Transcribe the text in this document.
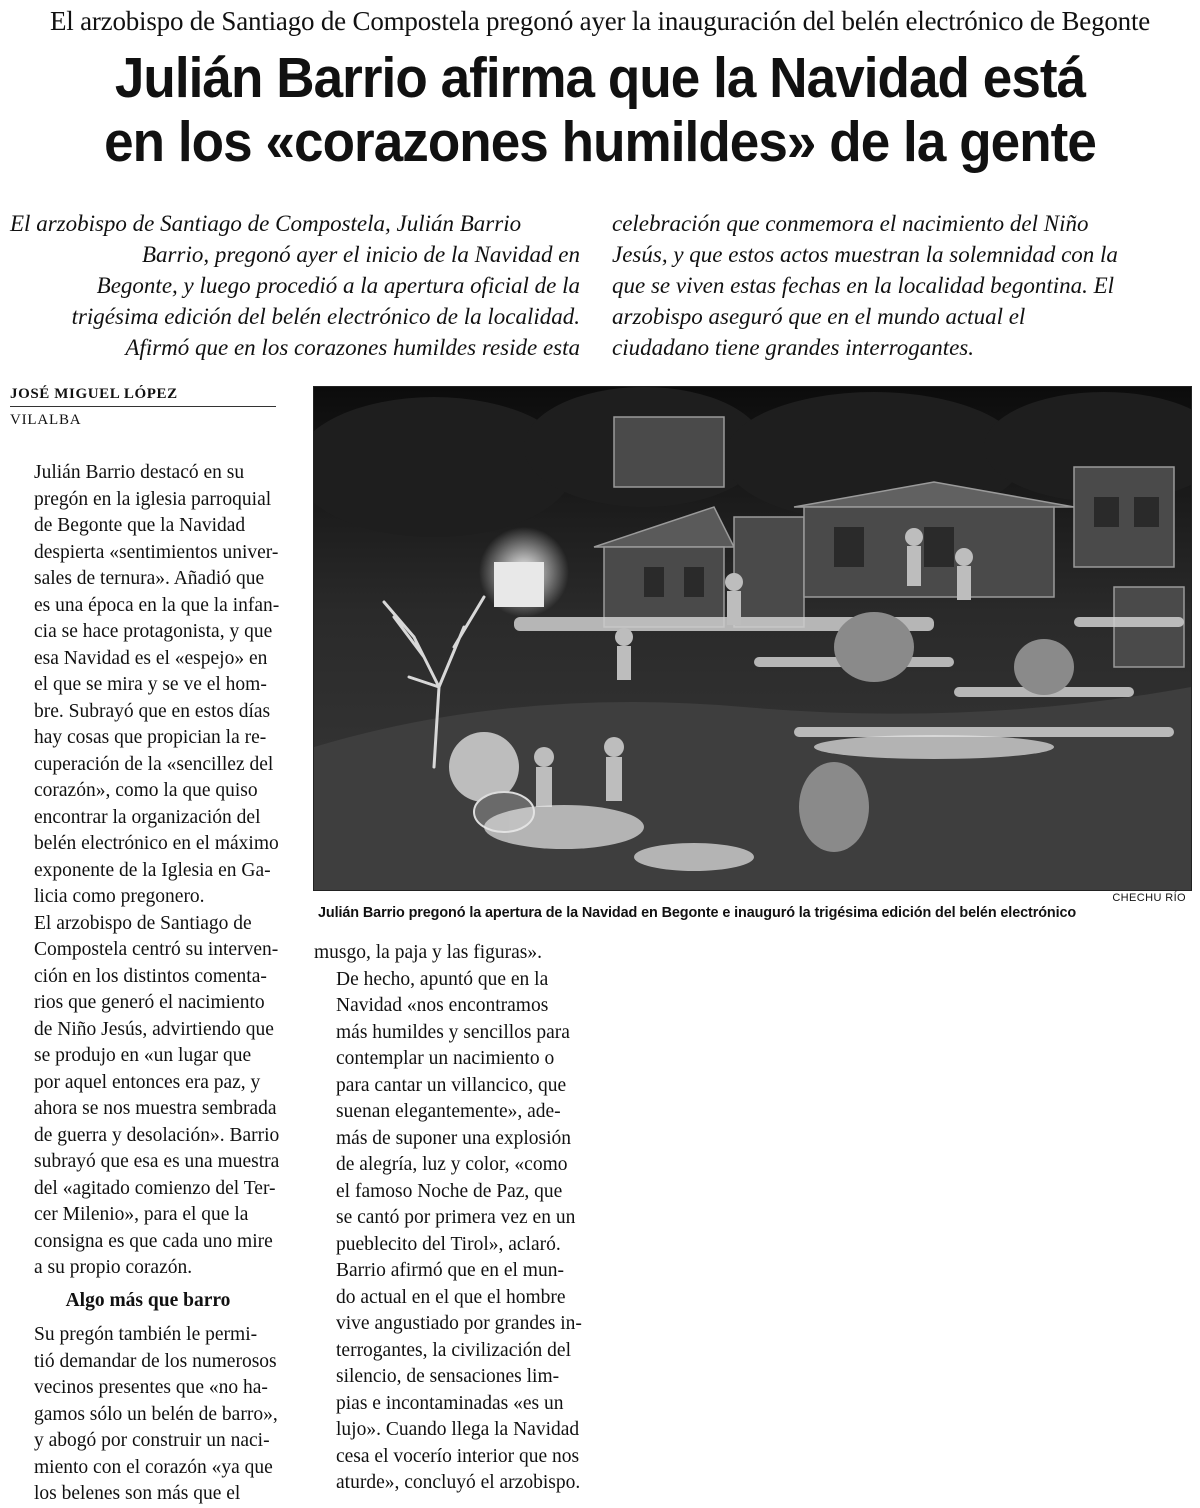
El arzobispo de Santiago de Compostela pregonó ayer la inauguración del belén electrónico de Begonte
Julián Barrio afirma que la Navidad está
en los «corazones humildes» de la gente
El arzobispo de Santiago de Compostela, Julián Barrio
Barrio, pregonó ayer el inicio de la Navidad en
Begonte, y luego procedió a la apertura oficial de la
trigésima edición del belén electrónico de la localidad.
Afirmó que en los corazones humildes reside esta
celebración que conmemora el nacimiento del Niño
Jesús, y que estos actos muestran la solemnidad con la
que se viven estas fechas en la localidad begontina. El
arzobispo aseguró que en el mundo actual el
ciudadano tiene grandes interrogantes.
JOSÉ MIGUEL LÓPEZ
VILALBA

Julián Barrio destacó en su
pregón en la iglesia parroquial
de Begonte que la Navidad
despierta «sentimientos univer-
sales de ternura». Añadió que
es una época en la que la infan-
cia se hace protagonista, y que
esa Navidad es el «espejo» en
el que se mira y se ve el hom-
bre. Subrayó que en estos días
hay cosas que propician la re-
cuperación de la «sencillez del
corazón», como la que quiso
encontrar la organización del
belén electrónico en el máximo
exponente de la Iglesia en Ga-
licia como pregonero.

El arzobispo de Santiago de
Compostela centró su interven-
ción en los distintos comenta-
rios que generó el nacimiento
de Niño Jesús, advirtiendo que
se produjo en «un lugar que
por aquel entonces era paz, y
ahora se nos muestra sembrada
de guerra y desolación». Barrio
subrayó que esa es una muestra
del «agitado comienzo del Ter-
cer Milenio», para el que la
consigna es que cada uno mire
a su propio corazón.

Algo más que barro

Su pregón también le permi-
tió demandar de los numerosos
vecinos presentes que «no ha-
gamos sólo un belén de barro»,
y abogó por construir un naci-
miento con el corazón «ya que
los belenes son más que el

musgo, la paja y las figuras».

De hecho, apuntó que en la
Navidad «nos encontramos
más humildes y sencillos para
contemplar un nacimiento o
para cantar un villancico, que
suenan elegantemente», ade-
más de suponer una explosión
de alegría, luz y color, «como
el famoso Noche de Paz, que
se cantó por primera vez en un
pueblecito del Tirol», aclaró.

Barrio afirmó que en el mun-
do actual en el que el hombre
vive angustiado por grandes in-
terrogantes, la civilización del
silencio, de sensaciones lim-
pias e incontaminadas «es un
lujo». Cuando llega la Navidad
cesa el vocerío interior que nos
aturde», concluyó el arzobispo.

CHECHU RÍO
Julián Barrio pregonó la apertura de la Navidad en Begonte e inauguró la trigésima edición del belén electrónico
